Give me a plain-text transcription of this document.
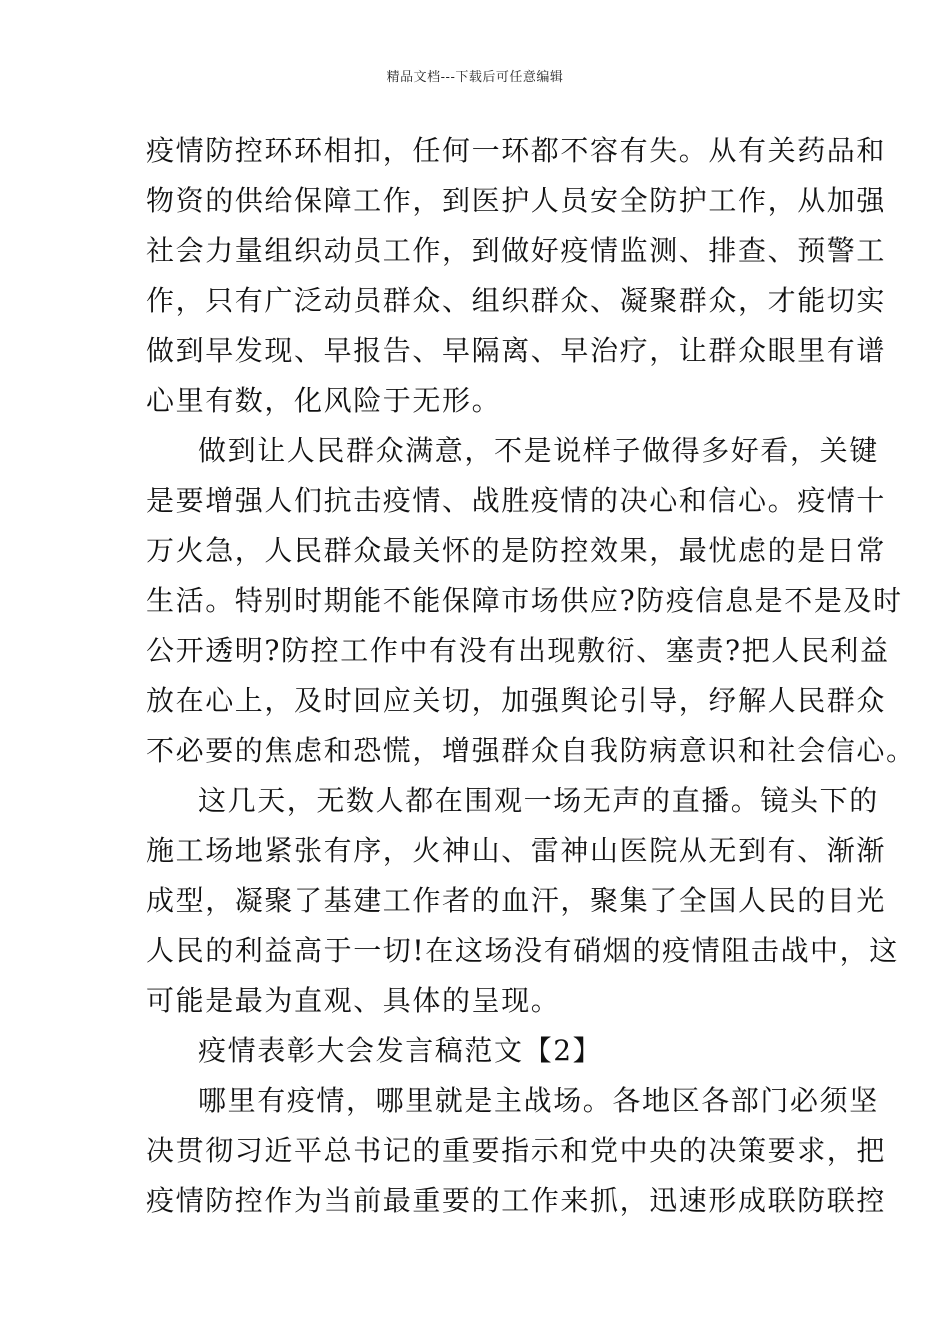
精品文档---下载后可任意编辑
疫情防控环环相扣，任何一环都不容有失。从有关药品和
物资的供给保障工作，到医护人员安全防护工作，从加强
社会力量组织动员工作，到做好疫情监测、排查、预警工
作，只有广泛动员群众、组织群众、凝聚群众，才能切实
做到早发现、早报告、早隔离、早治疗，让群众眼里有谱
心里有数，化风险于无形。
做到让人民群众满意，不是说样子做得多好看，关键
是要增强人们抗击疫情、战胜疫情的决心和信心。疫情十
万火急，人民群众最关怀的是防控效果，最忧虑的是日常
生活。特别时期能不能保障市场供应?防疫信息是不是及时
公开透明?防控工作中有没有出现敷衍、塞责?把人民利益
放在心上，及时回应关切，加强舆论引导，纾解人民群众
不必要的焦虑和恐慌，增强群众自我防病意识和社会信心。
这几天，无数人都在围观一场无声的直播。镜头下的
施工场地紧张有序，火神山、雷神山医院从无到有、渐渐
成型，凝聚了基建工作者的血汗，聚集了全国人民的目光
人民的利益高于一切!在这场没有硝烟的疫情阻击战中，这
可能是最为直观、具体的呈现。
疫情表彰大会发言稿范文【2】
哪里有疫情，哪里就是主战场。各地区各部门必须坚
决贯彻习近平总书记的重要指示和党中央的决策要求，把
疫情防控作为当前最重要的工作来抓，迅速形成联防联控
